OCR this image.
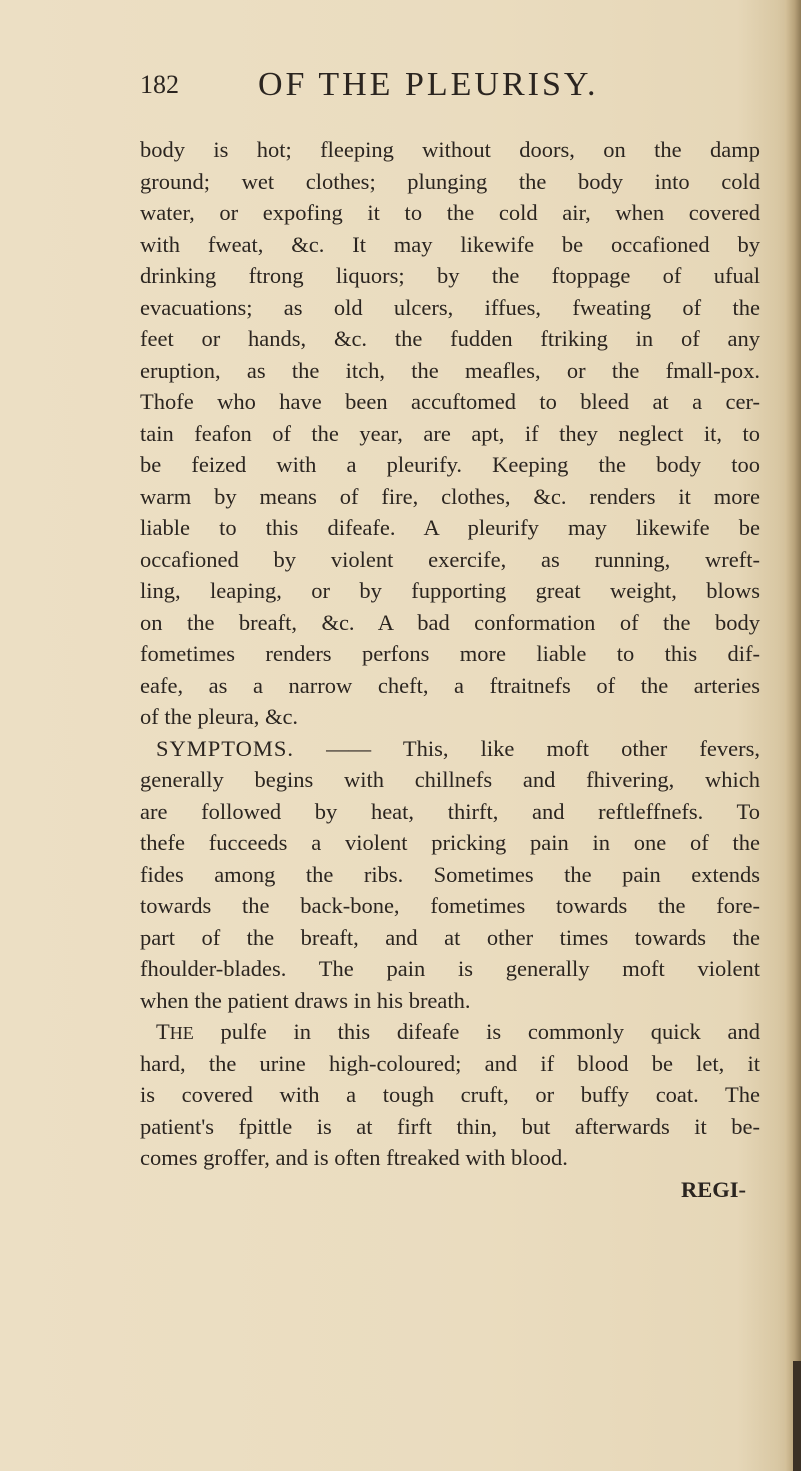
182 OF THE PLEURISY.
body is hot; fleeping without doors, on the damp
ground; wet clothes; plunging the body into cold
water, or expofing it to the cold air, when covered
with fweat, &c. It may likewife be occafioned by
drinking ftrong liquors; by the ftoppage of ufual
evacuations; as old ulcers, iffues, fweating of the
feet or hands, &c. the fudden ftriking in of any
eruption, as the itch, the meafles, or the fmall-pox.
Thofe who have been accuftomed to bleed at a cer-
tain feafon of the year, are apt, if they neglect it, to
be feized with a pleurify. Keeping the body too
warm by means of fire, clothes, &c. renders it more
liable to this difeafe. A pleurify may likewife be
occafioned by violent exercife, as running, wreft-
ling, leaping, or by fupporting great weight, blows
on the breaft, &c. A bad conformation of the body
fometimes renders perfons more liable to this dif-
eafe, as a narrow cheft, a ftraitnefs of the arteries
of the pleura, &c.
SYMPTOMS. —— This, like moft other fevers,
generally begins with chillnefs and fhivering, which
are followed by heat, thirft, and reftleffnefs. To
thefe fucceeds a violent pricking pain in one of the
fides among the ribs. Sometimes the pain extends
towards the back-bone, fometimes towards the fore-
part of the breaft, and at other times towards the
fhoulder-blades. The pain is generally moft violent
when the patient draws in his breath.
THE pulfe in this difeafe is commonly quick and
hard, the urine high-coloured; and if blood be let, it
is covered with a tough cruft, or buffy coat. The
patient's fpittle is at firft thin, but afterwards it be-
comes groffer, and is often ftreaked with blood.
REGI-
